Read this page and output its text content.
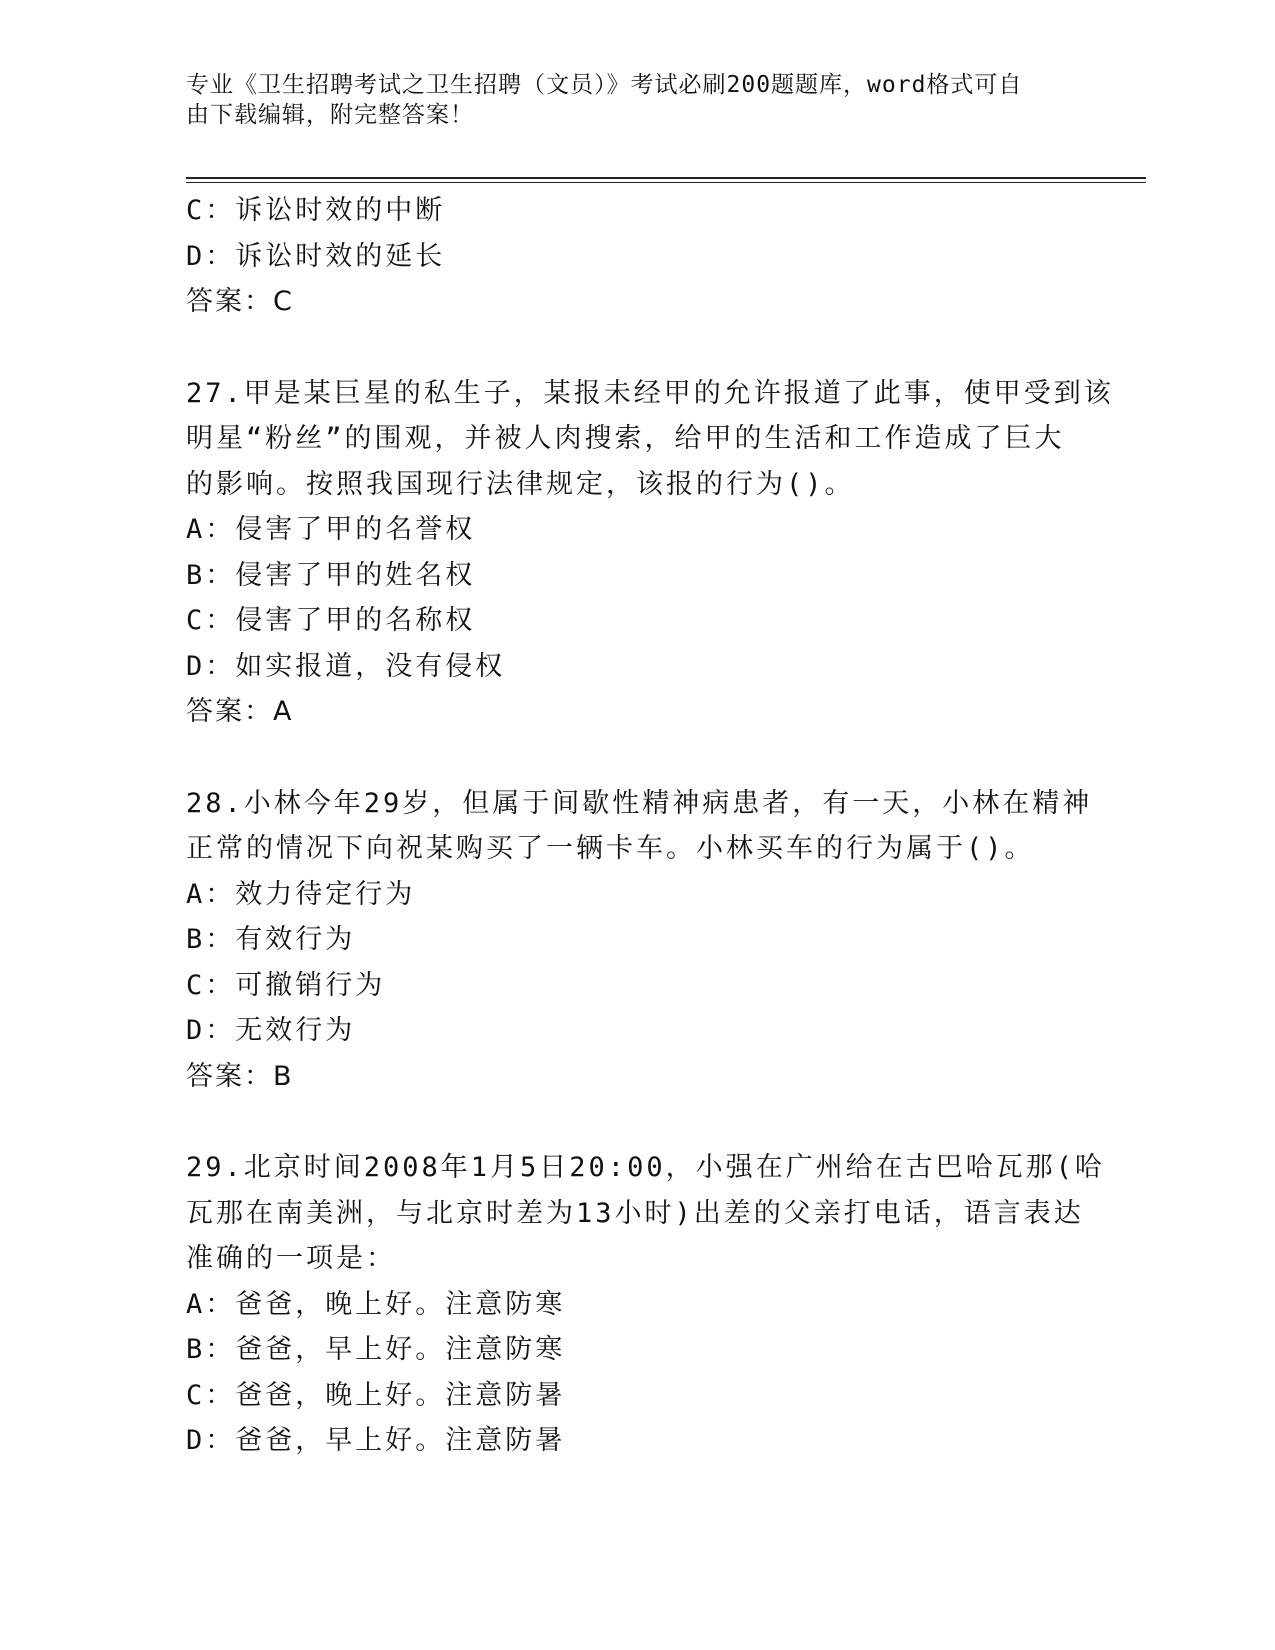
专业《卫生招聘考试之卫生招聘（文员）》考试必刷200题题库，word格式可自
由下载编辑，附完整答案！
C：诉讼时效的中断
D：诉讼时效的延长
答案：C
27.甲是某巨星的私生子，某报未经甲的允许报道了此事，使甲受到该
明星“粉丝”的围观，并被人肉搜索，给甲的生活和工作造成了巨大
的影响。按照我国现行法律规定，该报的行为()。
A：侵害了甲的名誉权
B：侵害了甲的姓名权
C：侵害了甲的名称权
D：如实报道，没有侵权
答案：A
28.小林今年29岁，但属于间歇性精神病患者，有一天，小林在精神
正常的情况下向祝某购买了一辆卡车。小林买车的行为属于()。
A：效力待定行为
B：有效行为
C：可撤销行为
D：无效行为
答案：B
29.北京时间2008年1月5日20:00，小强在广州给在古巴哈瓦那(哈
瓦那在南美洲，与北京时差为13小时)出差的父亲打电话，语言表达
准确的一项是：
A：爸爸，晚上好。注意防寒
B：爸爸，早上好。注意防寒
C：爸爸，晚上好。注意防暑
D：爸爸，早上好。注意防暑
